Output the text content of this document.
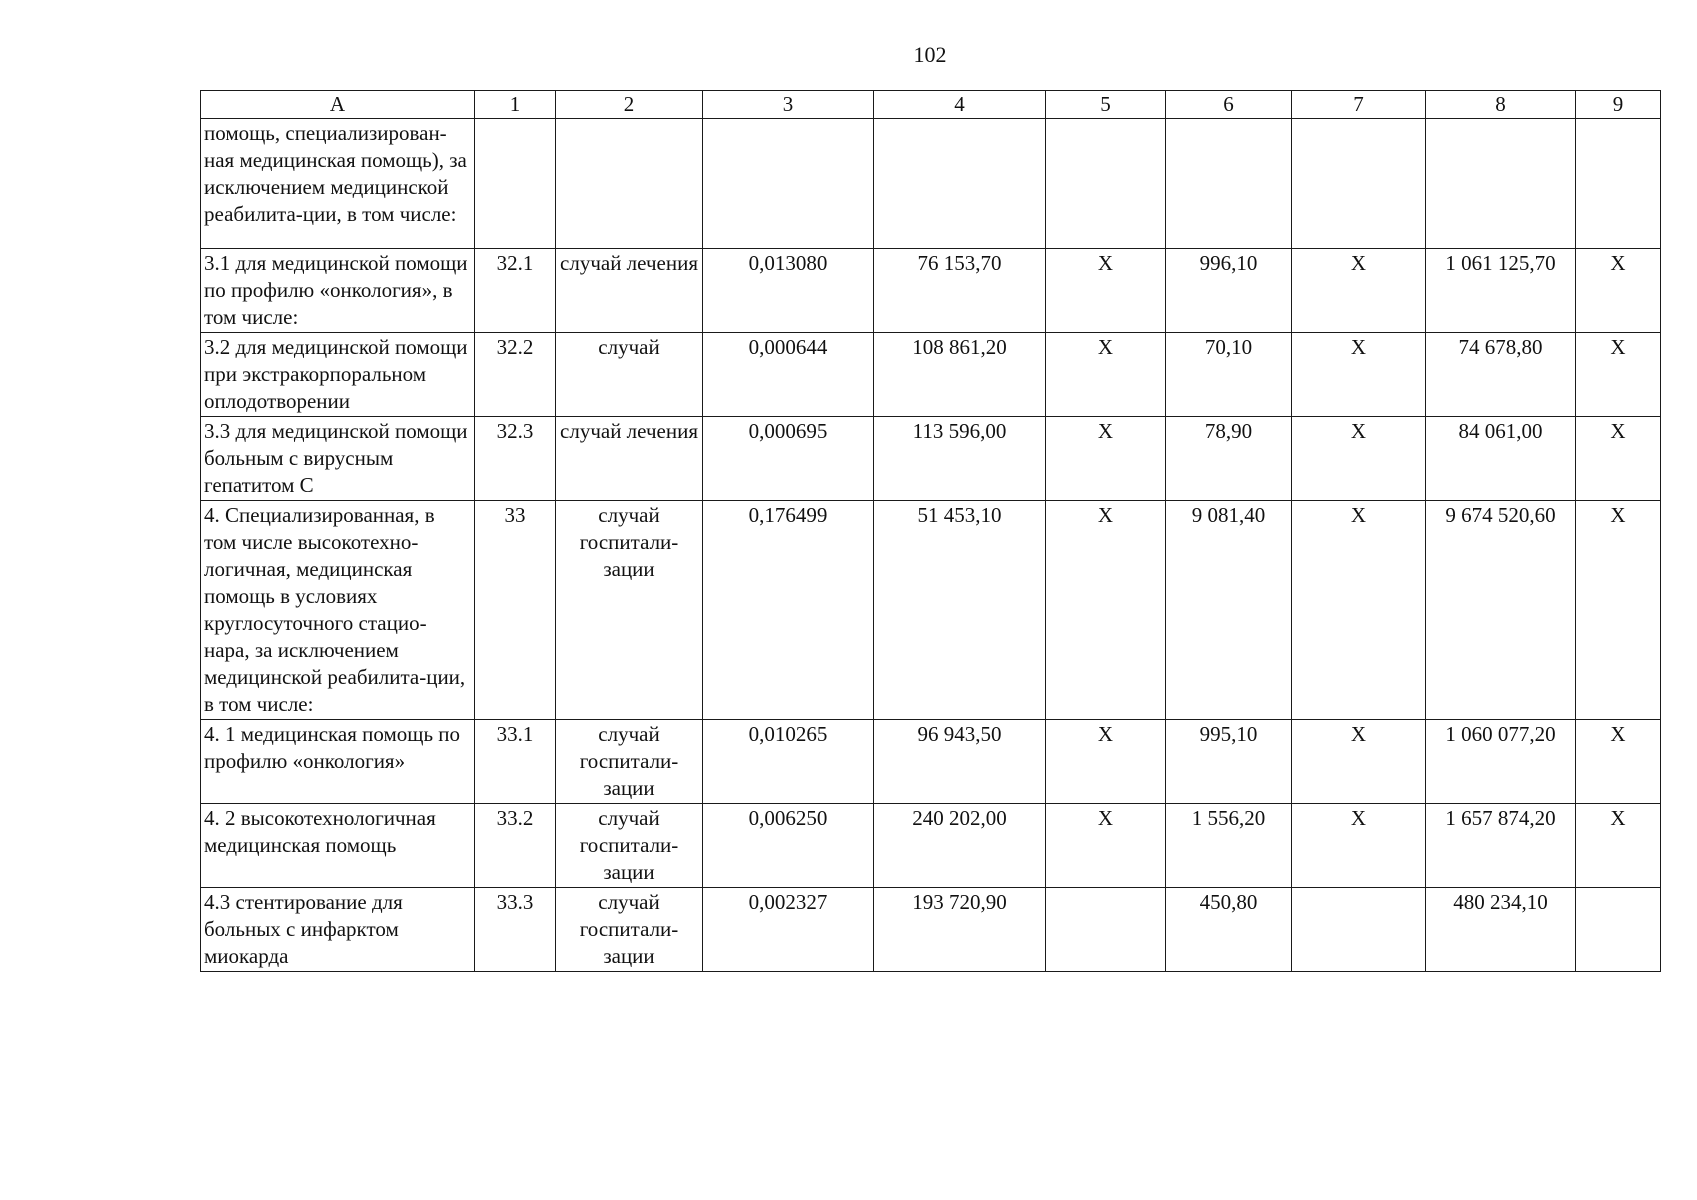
102
A	1	2	3	4	5	6	7	8	9
помощь, специализирован-ная медицинская помощь), за исключением медицинской реабилита-ции, в том числе:									
3.1 для медицинской помощи по профилю «онкология», в том числе:	32.1	случай лечения	0,013080	76 153,70	Х	996,10	Х	1 061 125,70	Х
3.2 для медицинской помощи при экстракорпоральном оплодотворении	32.2	случай	0,000644	108 861,20	Х	70,10	Х	74 678,80	Х
3.3 для медицинской помощи больным с вирусным гепатитом С	32.3	случай лечения	0,000695	113 596,00	Х	78,90	Х	84 061,00	Х
4. Специализированная, в том числе высокотехно-логичная, медицинская помощь в условиях круглосуточного стацио-нара, за исключением медицинской реабилита-ции, в том числе:	33	случай госпитали-зации	0,176499	51 453,10	Х	9 081,40	Х	9 674 520,60	Х
4. 1 медицинская помощь по профилю «онкология»	33.1	случай госпитали-зации	0,010265	96 943,50	Х	995,10	Х	1 060 077,20	Х
4. 2 высокотехнологичная медицинская помощь	33.2	случай госпитали-зации	0,006250	240 202,00	Х	1 556,20	Х	1 657 874,20	Х
4.3 стентирование для больных с инфарктом миокарда	33.3	случай госпитали-зации	0,002327	193 720,90		450,80		480 234,10	
